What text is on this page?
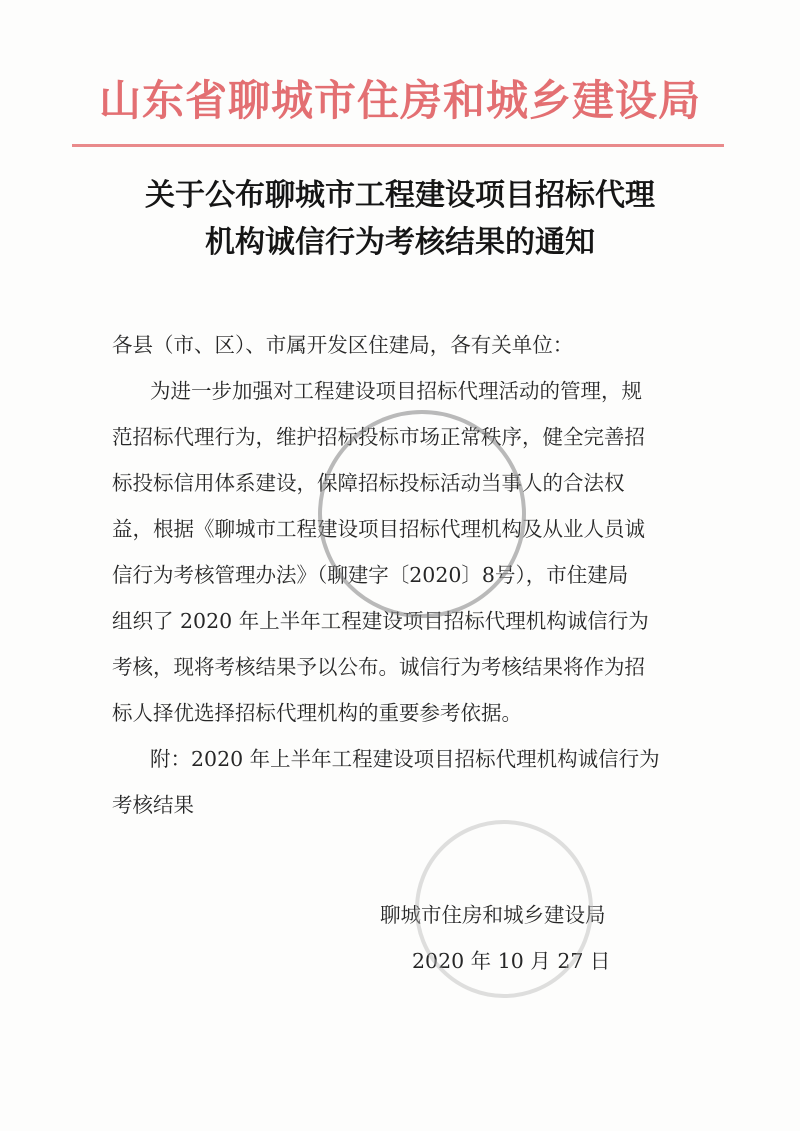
山东省聊城市住房和城乡建设局
关于公布聊城市工程建设项目招标代理
机构诚信行为考核结果的通知
各县（市、区）、市属开发区住建局，各有关单位：
为进一步加强对工程建设项目招标代理活动的管理，规
范招标代理行为，维护招标投标市场正常秩序，健全完善招
标投标信用体系建设，保障招标投标活动当事人的合法权
益，根据《聊城市工程建设项目招标代理机构及从业人员诚
信行为考核管理办法》（聊建字〔2020〕8号），市住建局
组织了 2020 年上半年工程建设项目招标代理机构诚信行为
考核，现将考核结果予以公布。诚信行为考核结果将作为招
标人择优选择招标代理机构的重要参考依据。
附：2020 年上半年工程建设项目招标代理机构诚信行为
考核结果
聊城市住房和城乡建设局
2020 年 10 月 27 日
